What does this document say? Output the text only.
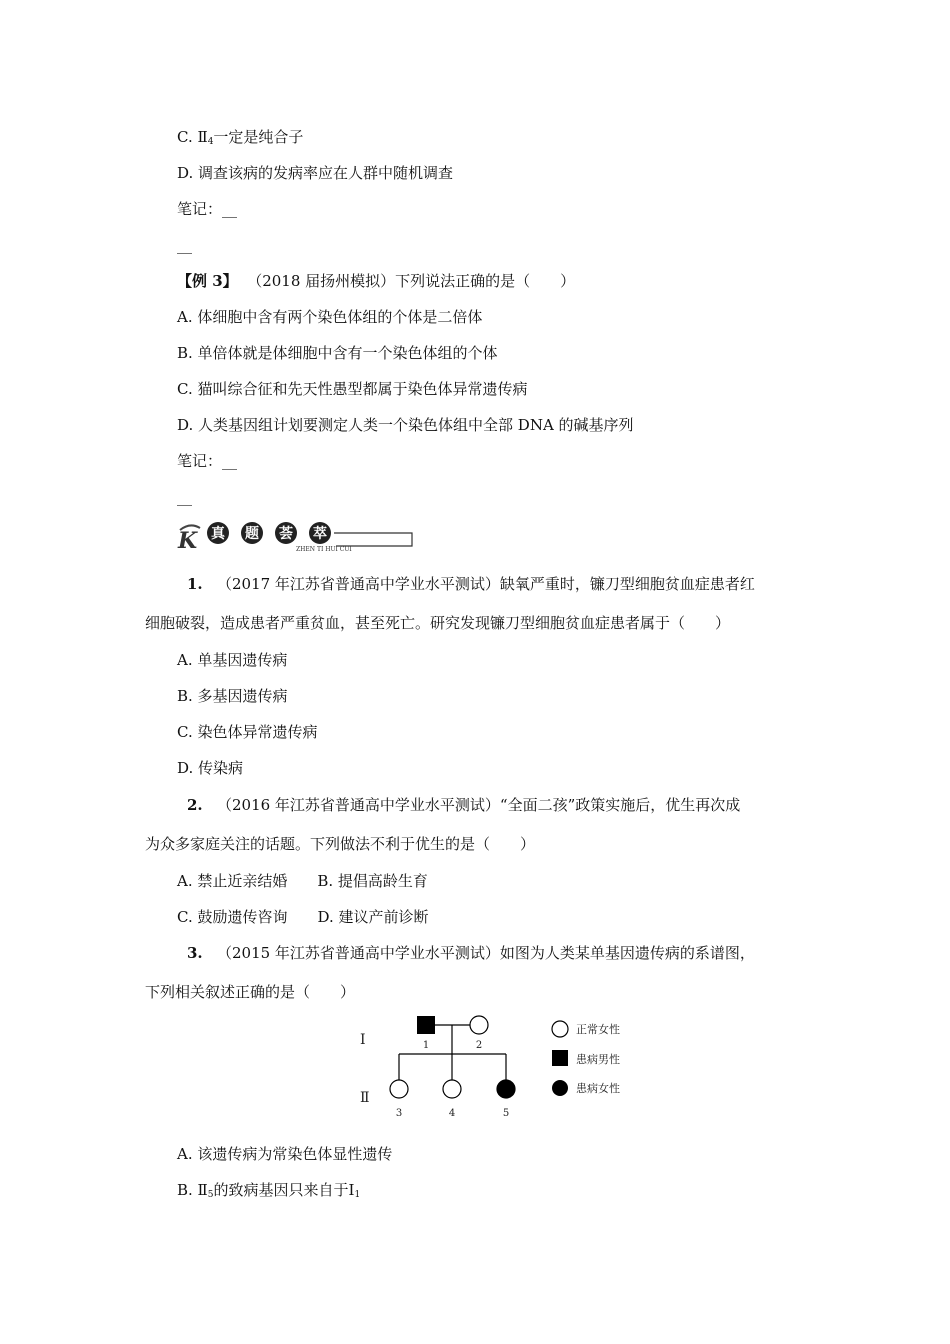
C. $Ⅱ_4$一定是纯合子
D. 调查该病的发病率应在人群中随机调查
笔记：__
__
【例 3】 （2018 届扬州模拟）下列说法正确的是（　　）
A. 体细胞中含有两个染色体组的个体是二倍体
B. 单倍体就是体细胞中含有一个染色体组的个体
C. 猫叫综合征和先天性愚型都属于染色体异常遗传病
D. 人类基因组计划要测定人类一个染色体组中全部 DNA 的碱基序列
笔记：__
__
K 真 题 荟 萃
ZHEN TI HUI CUI
1. （2017 年江苏省普通高中学业水平测试）缺氧严重时，镰刀型细胞贫血症患者红
细胞破裂，造成患者严重贫血，甚至死亡。研究发现镰刀型细胞贫血症患者属于（　　）
A. 单基因遗传病
B. 多基因遗传病
C. 染色体异常遗传病
D. 传染病
2. （2016 年江苏省普通高中学业水平测试）“全面二孩”政策实施后，优生再次成
为众多家庭关注的话题。下列做法不利于优生的是（　　）
A. 禁止近亲结婚　　B. 提倡高龄生育
C. 鼓励遗传咨询　　D. 建议产前诊断
3. （2015 年江苏省普通高中学业水平测试）如图为人类某单基因遗传病的系谱图，
下列相关叙述正确的是（　　）
Ⅰ
Ⅱ
1	2
3	4	5
正常女性
患病男性
患病女性
A. 该遗传病为常染色体显性遗传
B. $Ⅱ_5$的致病基因只来自于$Ⅰ_1$
